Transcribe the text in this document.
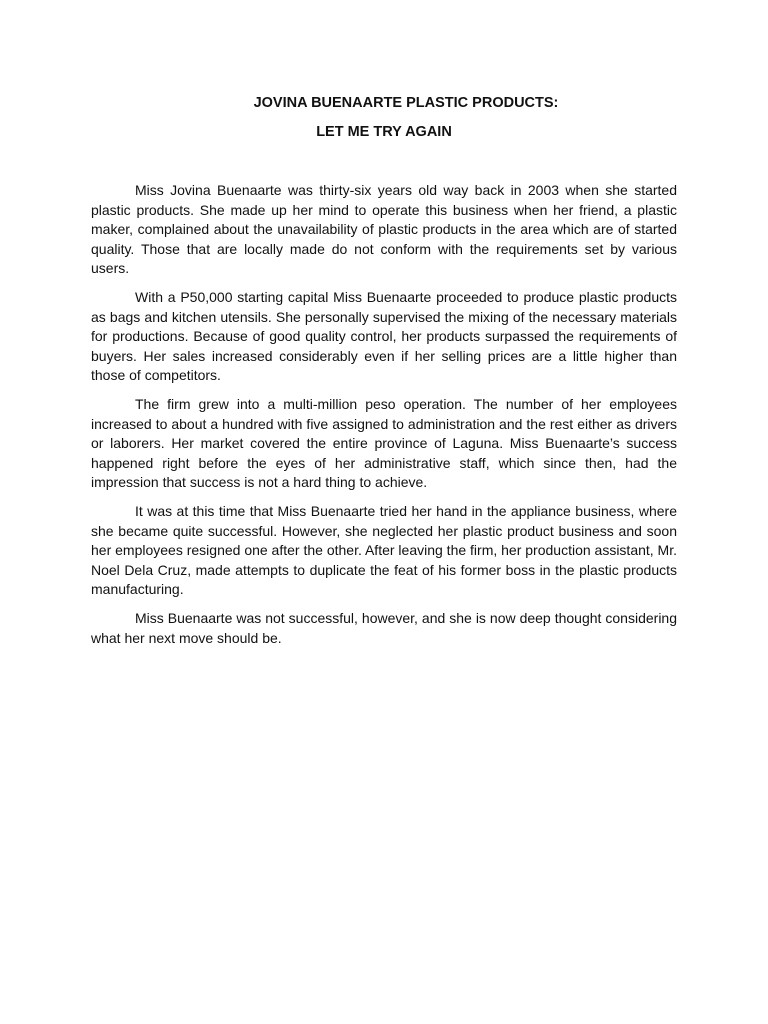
JOVINA BUENAARTE PLASTIC PRODUCTS:
LET ME TRY AGAIN

Miss Jovina Buenaarte was thirty-six years old way back in 2003 when she started plastic products. She made up her mind to operate this business when her friend, a plastic maker, complained about the unavailability of plastic products in the area which are of started quality. Those that are locally made do not conform with the requirements set by various users.

With a P50,000 starting capital Miss Buenaarte proceeded to produce plastic products as bags and kitchen utensils. She personally supervised the mixing of the necessary materials for productions. Because of good quality control, her products surpassed the requirements of buyers. Her sales increased considerably even if her selling prices are a little higher than those of competitors.

The firm grew into a multi-million peso operation. The number of her employees increased to about a hundred with five assigned to administration and the rest either as drivers or laborers. Her market covered the entire province of Laguna. Miss Buenaarte’s success happened right before the eyes of her administrative staff, which since then, had the impression that success is not a hard thing to achieve.

It was at this time that Miss Buenaarte tried her hand in the appliance business, where she became quite successful. However, she neglected her plastic product business and soon her employees resigned one after the other. After leaving the firm, her production assistant, Mr. Noel Dela Cruz, made attempts to duplicate the feat of his former boss in the plastic products manufacturing.

Miss Buenaarte was not successful, however, and she is now deep thought considering what her next move should be.
